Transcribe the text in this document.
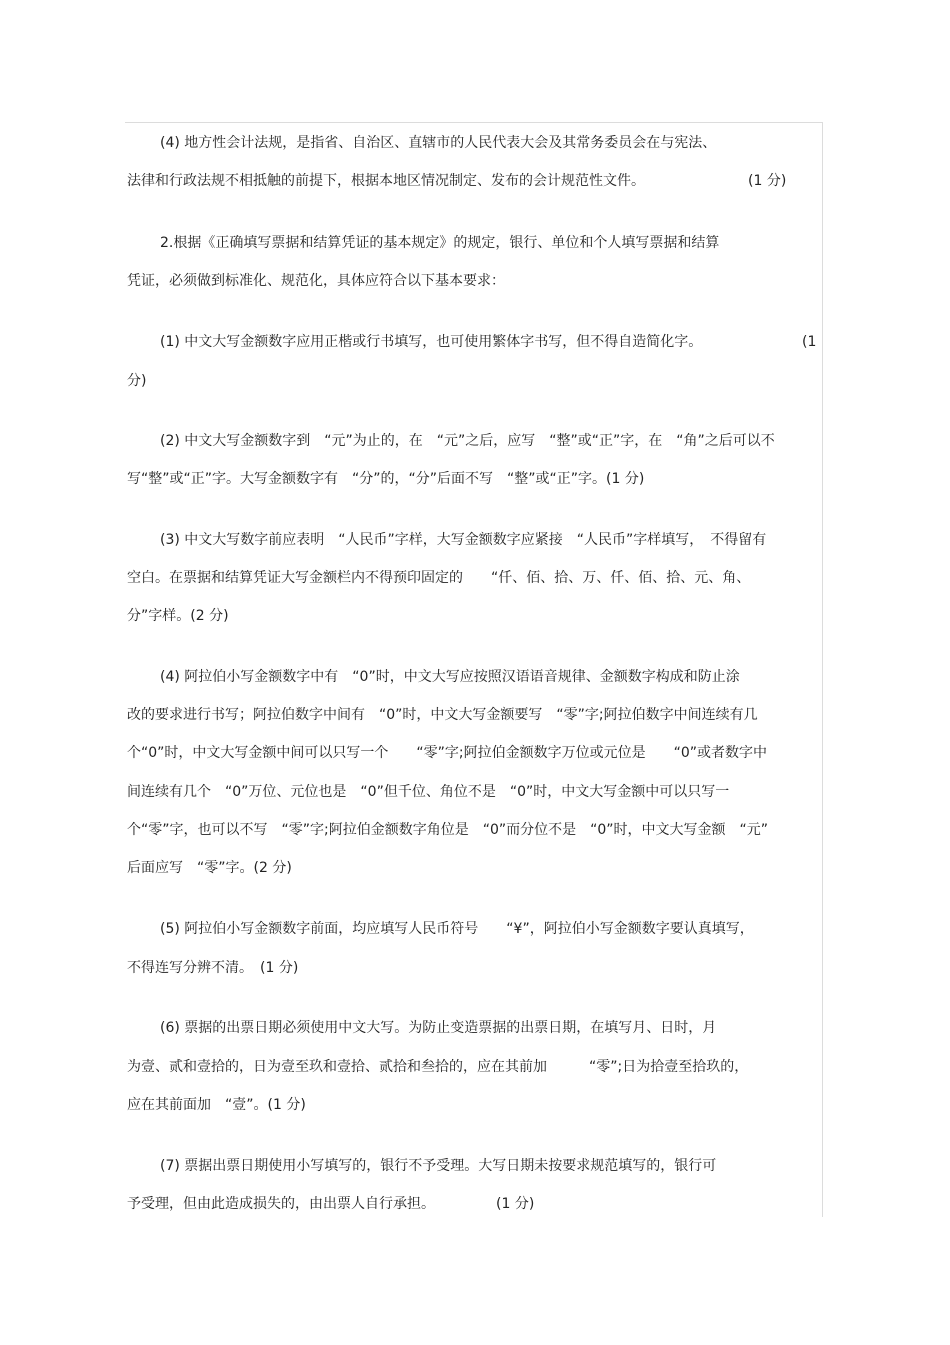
(4) 地方性会计法规，是指省、自治区、直辖市的人民代表大会及其常务委员会在与宪法、
法律和行政法规不相抵触的前提下，根据本地区情况制定、发布的会计规范性文件。	(1 分)
2.根据《正确填写票据和结算凭证的基本规定》的规定，银行、单位和个人填写票据和结算
凭证，必须做到标准化、规范化，具体应符合以下基本要求：
(1) 中文大写金额数字应用正楷或行书填写，也可使用繁体字书写，但不得自造简化字。	(1
分)
(2) 中文大写金额数字到　“元”为止的，在　“元”之后，应写　“整”或“正”字，在　“角”之后可以不
写“整”或“正”字。大写金额数字有　“分”的，“分”后面不写　“整”或“正”字。(1 分)
(3) 中文大写数字前应表明　“人民币”字样，大写金额数字应紧接　“人民币”字样填写，　不得留有
空白。在票据和结算凭证大写金额栏内不得预印固定的　　“仟、佰、拾、万、仟、佰、拾、元、角、
分”字样。(2 分)
(4) 阿拉伯小写金额数字中有　“0”时，中文大写应按照汉语语音规律、金额数字构成和防止涂
改的要求进行书写；阿拉伯数字中间有　“0”时，中文大写金额要写　“零”字;阿拉伯数字中间连续有几
个“0”时，中文大写金额中间可以只写一个　　“零”字;阿拉伯金额数字万位或元位是　　“0”或者数字中
间连续有几个　“0”万位、元位也是　“0”但千位、角位不是　“0”时，中文大写金额中可以只写一
个“零”字，也可以不写　“零”字;阿拉伯金额数字角位是　“0”而分位不是　“0”时，中文大写金额　“元”
后面应写　“零”字。(2 分)
(5) 阿拉伯小写金额数字前面，均应填写人民币符号　　“¥”，阿拉伯小写金额数字要认真填写，
不得连写分辨不清。　(1 分)
(6) 票据的出票日期必须使用中文大写。为防止变造票据的出票日期，在填写月、日时，月
为壹、贰和壹拾的，日为壹至玖和壹拾、贰拾和叁拾的，应在其前加　　　“零”;日为拾壹至拾玖的，
应在其前面加　“壹”。(1 分)
(7) 票据出票日期使用小写填写的，银行不予受理。大写日期未按要求规范填写的，银行可
予受理，但由此造成损失的，由出票人自行承担。	(1 分)
